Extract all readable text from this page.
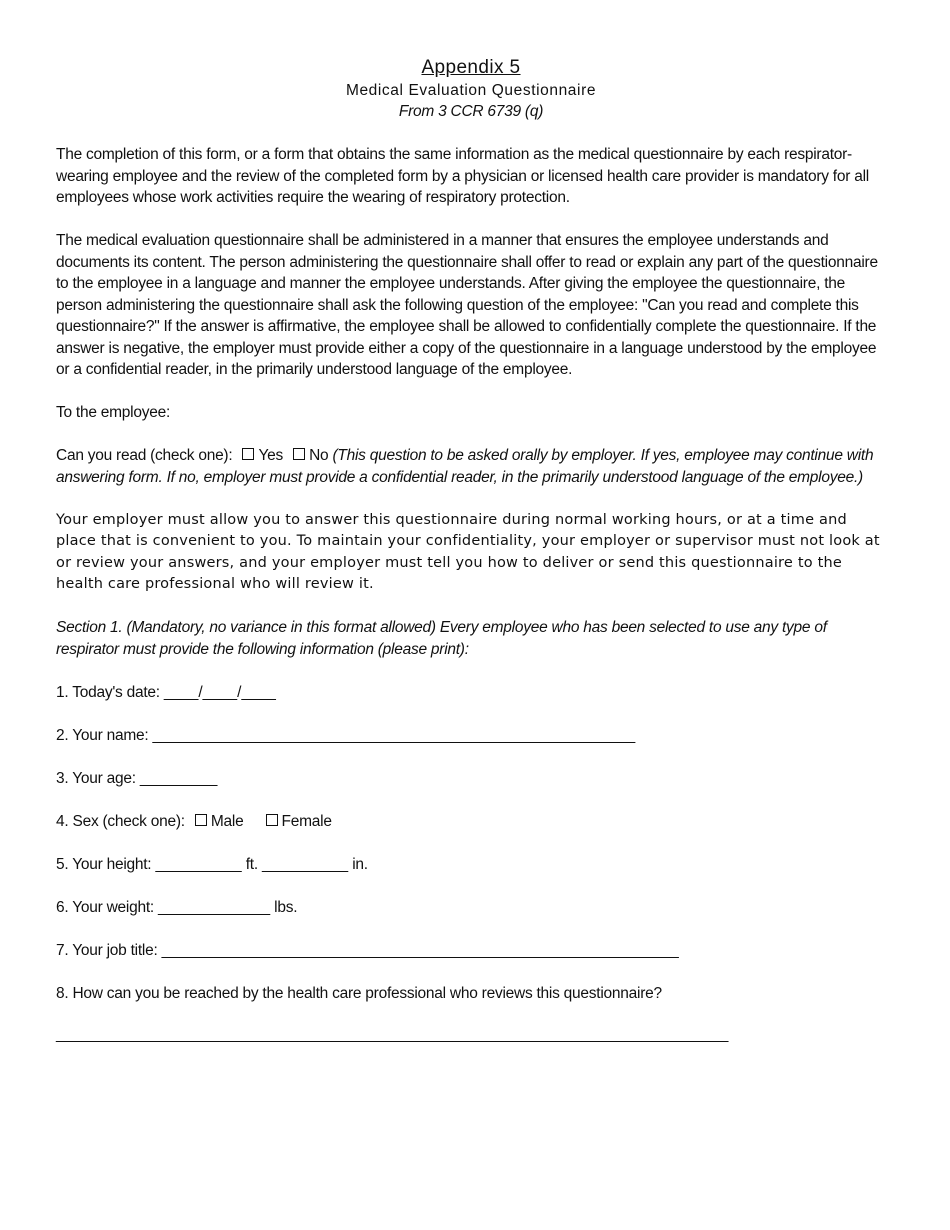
Appendix 5
Medical Evaluation Questionnaire
From 3 CCR 6739 (q)

The completion of this form, or a form that obtains the same information as the medical questionnaire by each respirator-wearing employee and the review of the completed form by a physician or licensed health care provider is mandatory for all employees whose work activities require the wearing of respiratory protection.

The medical evaluation questionnaire shall be administered in a manner that ensures the employee understands and documents its content. The person administering the questionnaire shall offer to read or explain any part of the questionnaire to the employee in a language and manner the employee understands. After giving the employee the questionnaire, the person administering the questionnaire shall ask the following question of the employee: "Can you read and complete this questionnaire?" If the answer is affirmative, the employee shall be allowed to confidentially complete the questionnaire. If the answer is negative, the employer must provide either a copy of the questionnaire in a language understood by the employee or a confidential reader, in the primarily understood language of the employee.

To the employee:

Can you read (check one): Yes No (This question to be asked orally by employer. If yes, employee may continue with answering form. If no, employer must provide a confidential reader, in the primarily understood language of the employee.)

Your employer must allow you to answer this questionnaire during normal working hours, or at a time and place that is convenient to you. To maintain your confidentiality, your employer or supervisor must not look at or review your answers, and your employer must tell you how to deliver or send this questionnaire to the health care professional who will review it.

Section 1. (Mandatory, no variance in this format allowed) Every employee who has been selected to use any type of respirator must provide the following information (please print):

1. Today's date: ____/____/____
2. Your name: ________________________________________________________
3. Your age: _________
4. Sex (check one): Male Female
5. Your height: __________ ft. __________ in.
6. Your weight: _____________ lbs.
7. Your job title: ____________________________________________________________
8. How can you be reached by the health care professional who reviews this questionnaire?
______________________________________________________________________________
